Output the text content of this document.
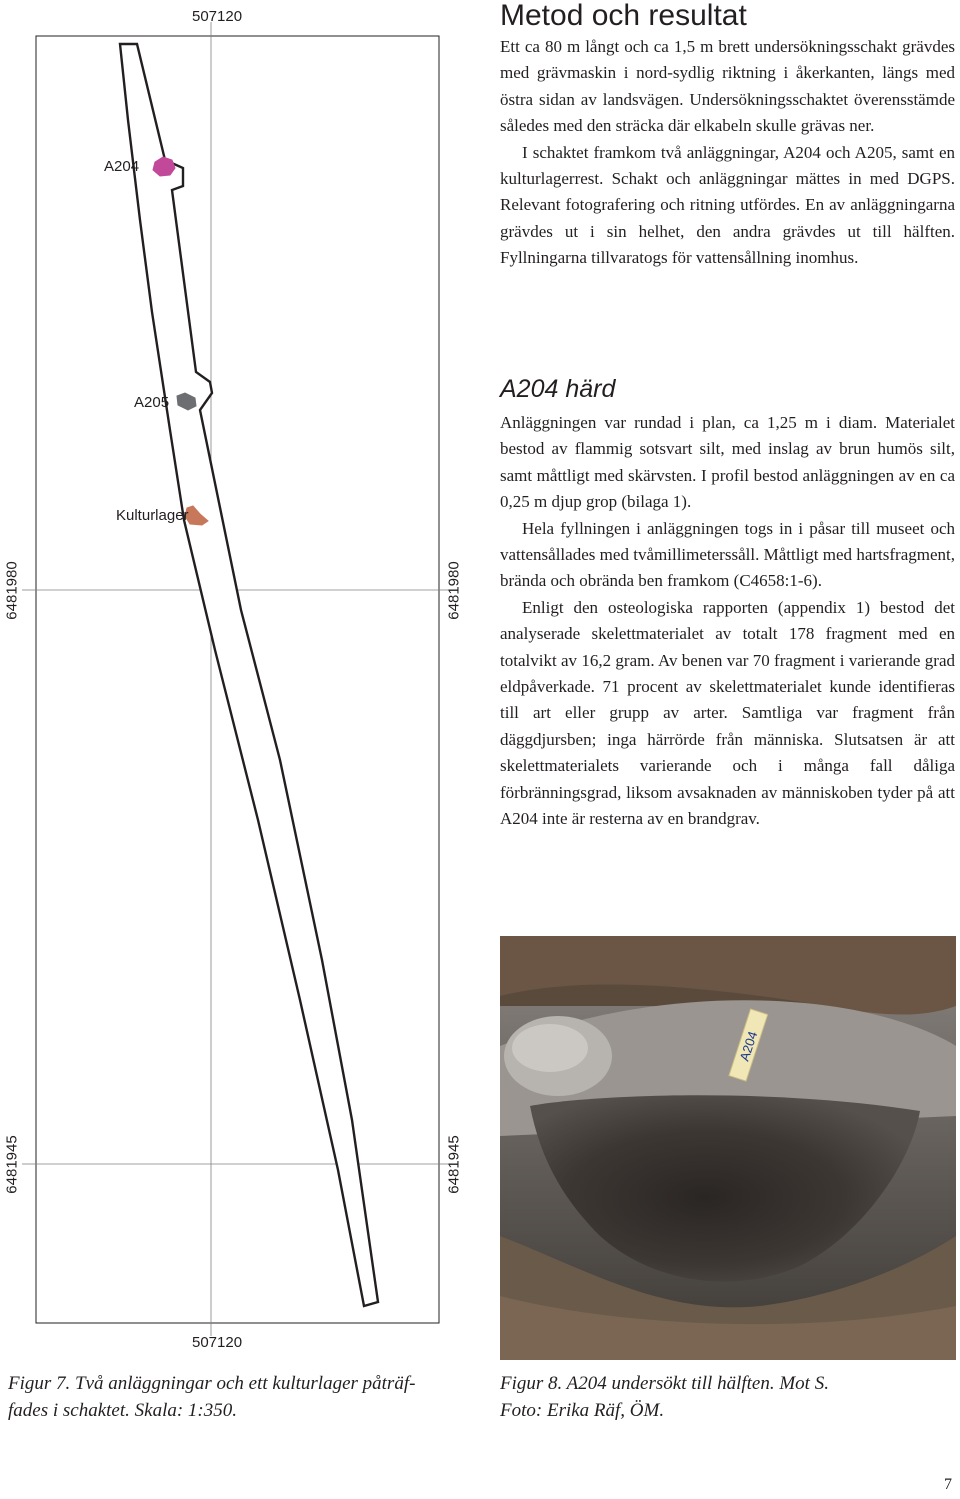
507120
507120
6481980	6481980
6481945	6481945
A204
A205
Kulturlager
Figur 7. Två anläggningar och ett kulturlager påträf-
fades i schaktet. Skala: 1:350.
Metod och resultat

Ett ca 80 m långt och ca 1,5 m brett undersökningsschakt grävdes med grävmaskin i nord-sydlig riktning i åkerkanten, längs med östra sidan av landsvägen. Undersökningsschaktet överensstämde således med den sträcka där elkabeln skulle grävas ner.

I schaktet framkom två anläggningar, A204 och A205, samt en kulturlagerrest. Schakt och anläggningar mättes in med DGPS. Relevant fotografering och ritning utfördes. En av anläggningarna grävdes ut i sin helhet, den andra grävdes ut till hälften. Fyllningarna tillvaratogs för vattensållning inomhus.

A204 härd

Anläggningen var rundad i plan, ca 1,25 m i diam. Materialet bestod av flammig sotsvart silt, med inslag av brun humös silt, samt måttligt med skärvsten. I profil bestod anläggningen av en ca 0,25 m djup grop (bilaga 1).

Hela fyllningen i anläggningen togs in i påsar till museet och vattensållades med tvåmillimeterssåll. Måttligt med hartsfragment, brända och obrända ben framkom (C4658:1-6).

Enligt den osteologiska rapporten (appendix 1) bestod det analyserade skelettmaterialet av totalt 178 fragment med en totalvikt av 16,2 gram. Av benen var 70 fragment i varierande grad eldpåverkade. 71 procent av skelettmaterialet kunde identifieras till art eller grupp av arter. Samtliga var fragment från däggdjursben; inga härrörde från människa. Slutsatsen är att skelettmaterialets varierande och i många fall dåliga förbränningsgrad, liksom avsaknaden av människoben tyder på att A204 inte är resterna av en brandgrav.

A204
Figur 8. A204 undersökt till hälften. Mot S.
Foto: Erika Räf, ÖM.
7
